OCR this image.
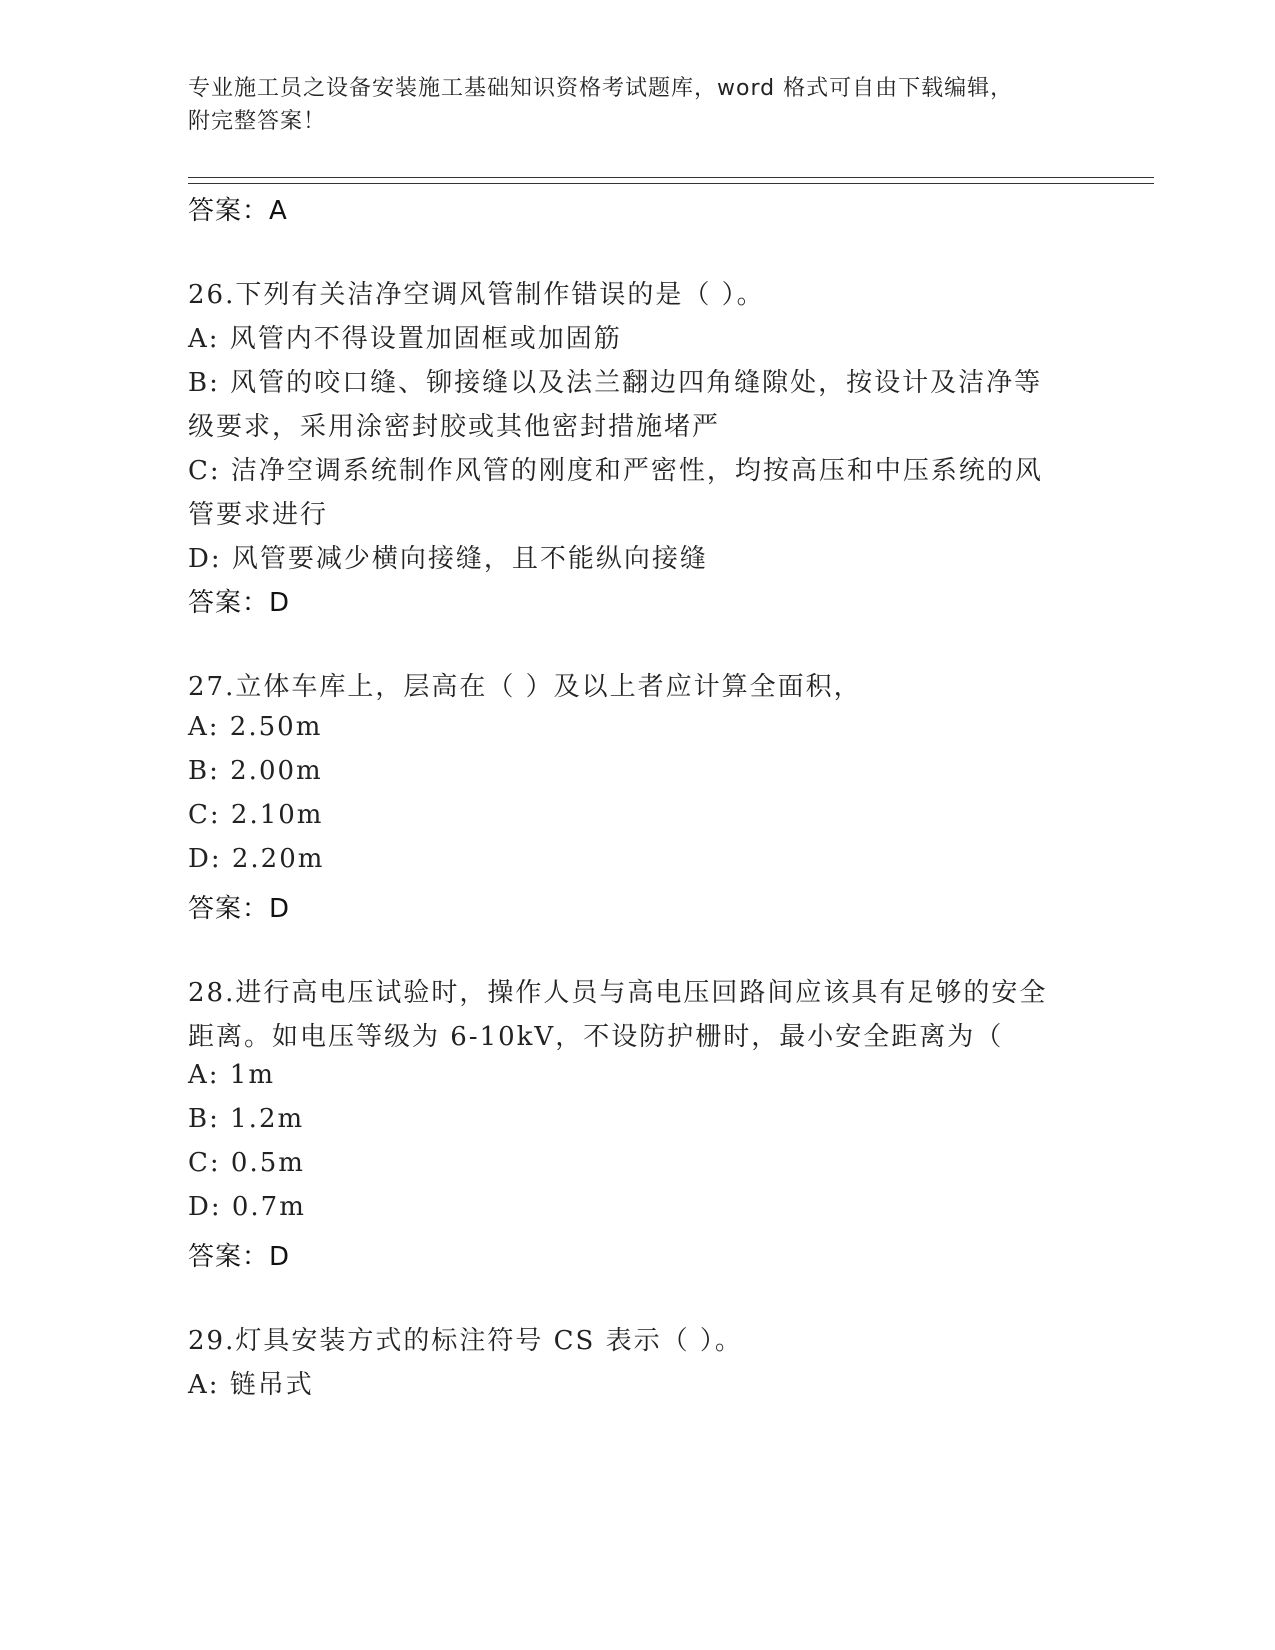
专业施工员之设备安装施工基础知识资格考试题库，word 格式可自由下载编辑，
附完整答案！
答案：A
26.下列有关洁净空调风管制作错误的是（ ）。
A: 风管内不得设置加固框或加固筋
B: 风管的咬口缝、铆接缝以及法兰翻边四角缝隙处，按设计及洁净等
级要求，采用涂密封胶或其他密封措施堵严
C: 洁净空调系统制作风管的刚度和严密性，均按高压和中压系统的风
管要求进行
D: 风管要减少横向接缝，且不能纵向接缝
答案：D
27.立体车库上，层高在（ ）及以上者应计算全面积，
A: 2.50m
B: 2.00m
C: 2.10m
D: 2.20m
答案：D
28.进行高电压试验时，操作人员与高电压回路间应该具有足够的安全
距离。如电压等级为 6-10kV，不设防护栅时，最小安全距离为（
A: 1m
B: 1.2m
C: 0.5m
D: 0.7m
答案：D
29.灯具安装方式的标注符号 CS 表示（ ）。
A: 链吊式
